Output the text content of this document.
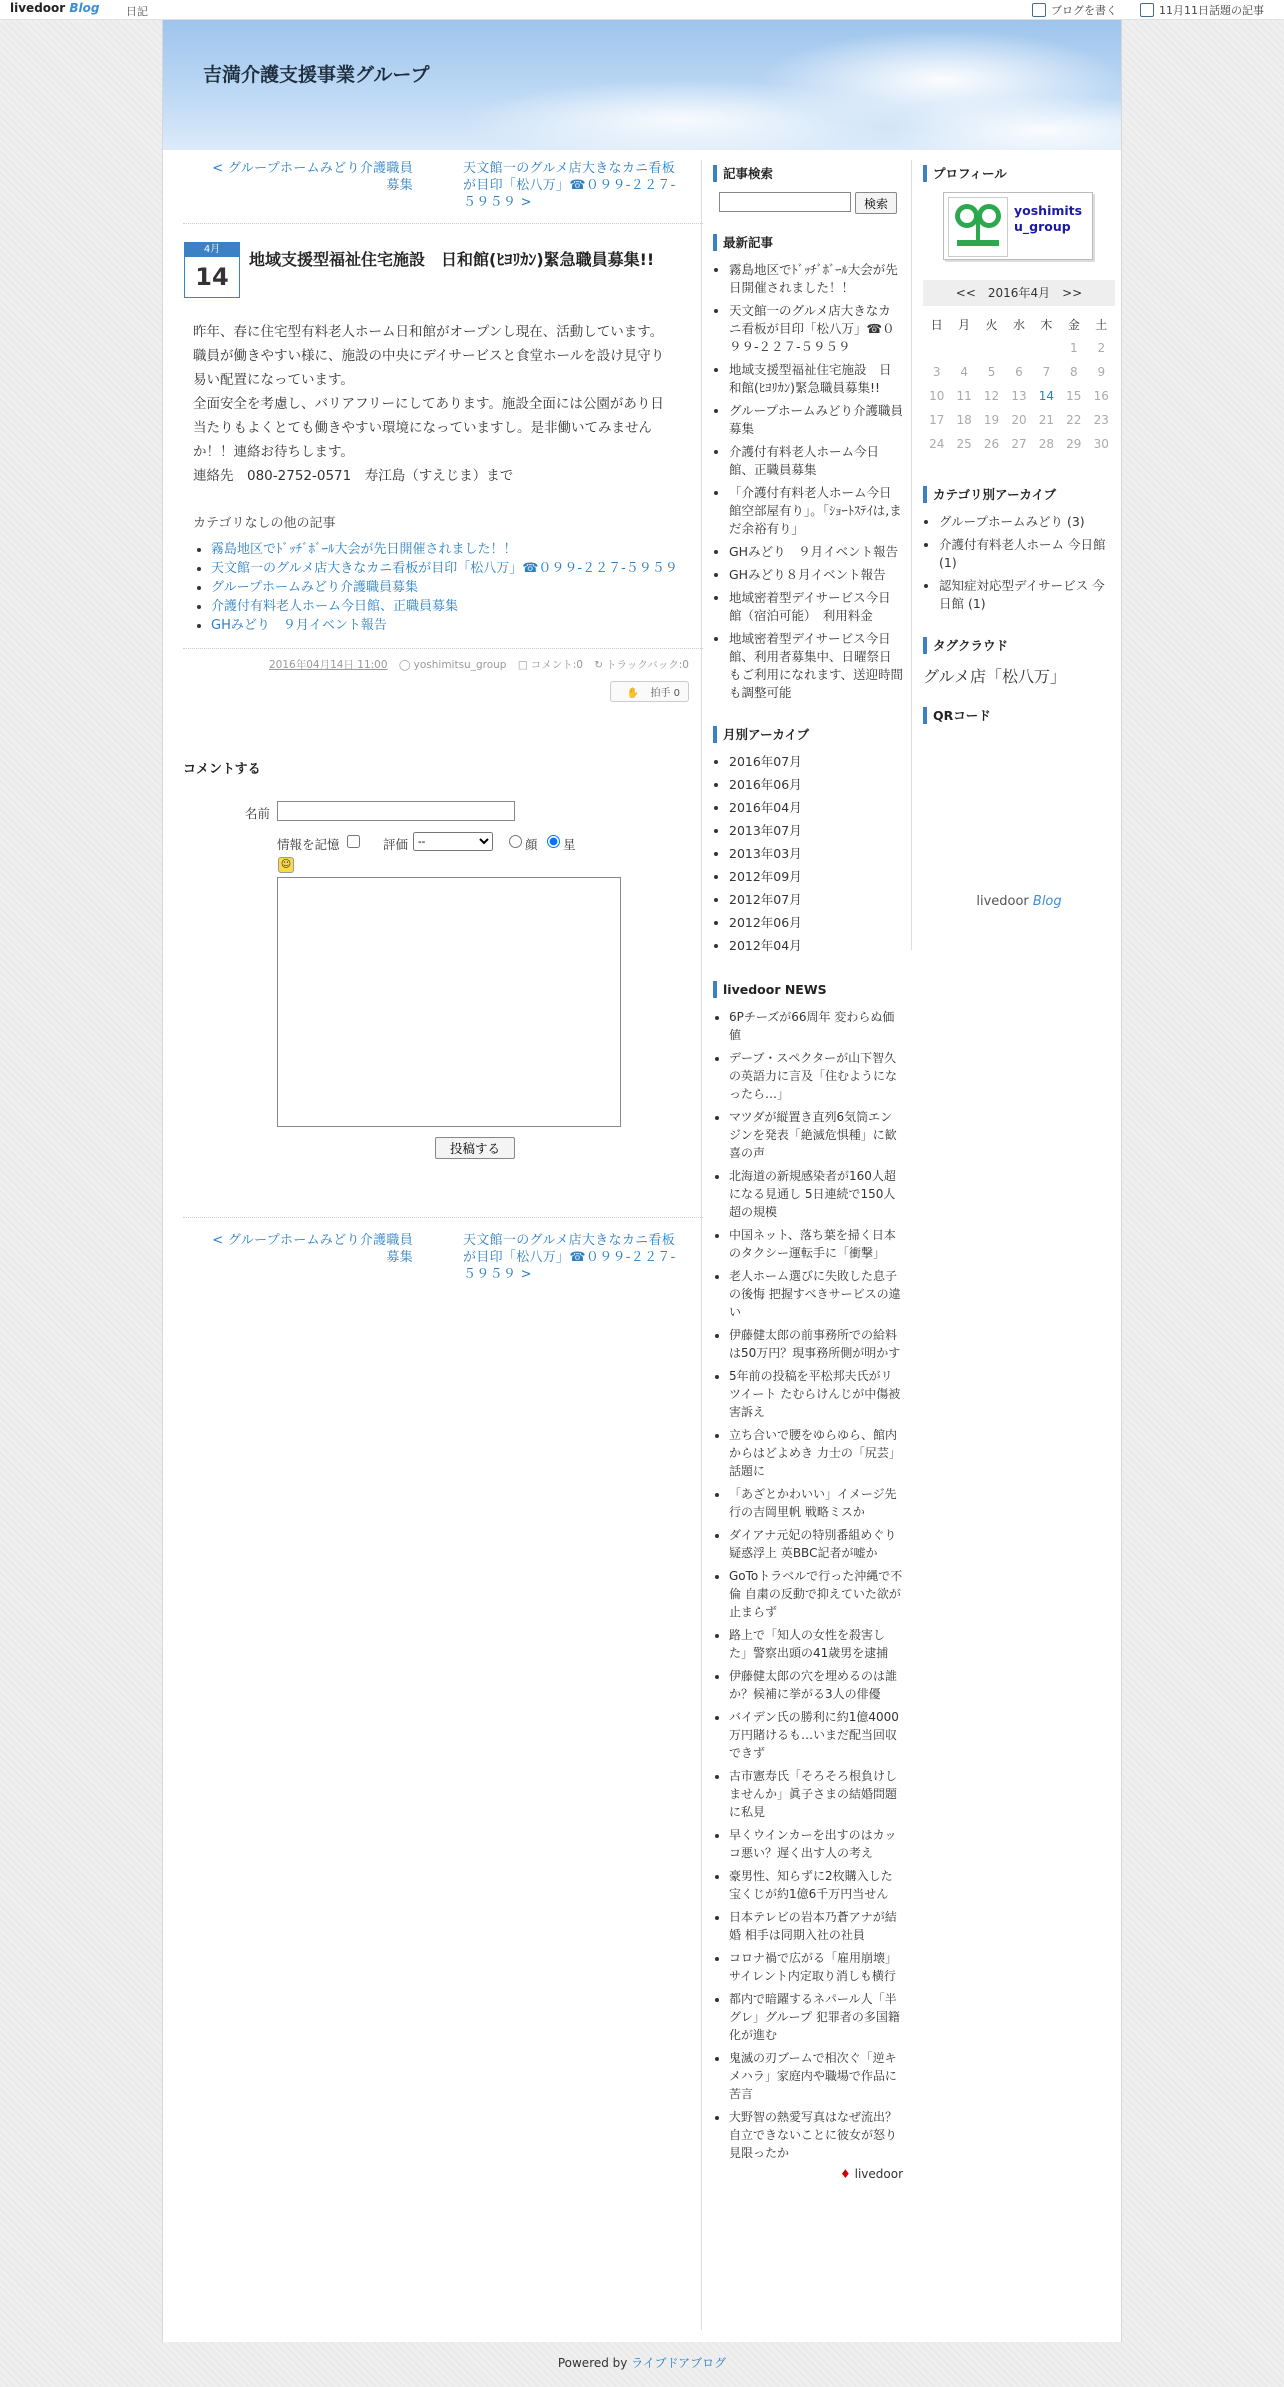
livedoor Blog 日記	ブログを書く	11月11日話題の記事
吉満介護支援事業グループ
< グループホームみどり介護職員募集
天文館一のグルメ店大きなカニ看板が目印「松八万」☎０９９-２２７-５９５９ >
4月
14
地域支援型福祉住宅施設　日和館(ﾋﾖﾘｶﾝ)緊急職員募集!!

昨年、春に住宅型有料老人ホーム日和館がオープンし現在、活動しています。職員が働きやすい様に、施設の中央にデイサービスと食堂ホールを設け見守り易い配置になっています。

全面安全を考慮し、バリアフリーにしてあります。施設全面には公園があり日当たりもよくとても働きやすい環境になっていますし。是非働いてみませんか！！連絡お待ちします。

連絡先　080-2752-0571　寿江島（すえじま）まで

カテゴリなしの他の記事
• 霧島地区でﾄﾞｯﾁﾞﾎﾞｰﾙ大会が先日開催されました！！
• 天文館一のグルメ店大きなカニ看板が目印「松八万」☎０９９-２２７-５９５９
• グループホームみどり介護職員募集
• 介護付有料老人ホーム今日館、正職員募集
• GHみどり　９月イベント報告
2016年04月14日 11:00 ◯ yoshimitsu_group □ コメント:0 ↻ トラックバック:0
✋ 拍手 0
コメントする
名前
情報を記憶	評価
--	顔 星
☺
投稿する
< グループホームみどり介護職員募集
天文館一のグルメ店大きなカニ看板が目印「松八万」☎０９９-２２７-５９５９ >
記事検索
検索
最新記事
• 霧島地区でﾄﾞｯﾁﾞﾎﾞｰﾙ大会が先日開催されました！！
• 天文館一のグルメ店大きなカニ看板が目印「松八万」☎０９９-２２７-５９５９
• 地域支援型福祉住宅施設　日和館(ﾋﾖﾘｶﾝ)緊急職員募集!!
• グループホームみどり介護職員募集
• 介護付有料老人ホーム今日館、正職員募集
• 「介護付有料老人ホーム今日館空部屋有り」。「ｼｮｰﾄｽﾃｲは,まだ余裕有り」
• GHみどり　９月イベント報告
• GHみどり８月イベント報告
• 地域密着型デイサービス今日館（宿泊可能）　利用料金
• 地域密着型デイサービス今日館、利用者募集中、日曜祭日もご利用になれます、送迎時間も調整可能
月別アーカイブ
• 2016年07月
• 2016年06月
• 2016年04月
• 2013年07月
• 2013年03月
• 2012年09月
• 2012年07月
• 2012年06月
• 2012年04月
livedoor NEWS
• 6Pチーズが66周年 変わらぬ価値
• デーブ・スペクターが山下智久の英語力に言及「住むようになったら…」
• マツダが縦置き直列6気筒エンジンを発表「絶滅危惧種」に歓喜の声
• 北海道の新規感染者が160人超になる見通し 5日連続で150人超の規模
• 中国ネット、落ち葉を掃く日本のタクシー運転手に「衝撃」
• 老人ホーム選びに失敗した息子の後悔 把握すべきサービスの違い
• 伊藤健太郎の前事務所での給料は50万円？現事務所側が明かす
• 5年前の投稿を平松邦夫氏がリツイート たむらけんじが中傷被害訴え
• 立ち合いで腰をゆらゆら、館内からはどよめき 力士の「尻芸」話題に
• 「あざとかわいい」イメージ先行の吉岡里帆 戦略ミスか
• ダイアナ元妃の特別番組めぐり疑惑浮上 英BBC記者が嘘か
• GoToトラベルで行った沖縄で不倫 自粛の反動で抑えていた欲が止まらず
• 路上で「知人の女性を殺害した」警察出頭の41歳男を逮捕
• 伊藤健太郎の穴を埋めるのは誰か？候補に挙がる3人の俳優
• バイデン氏の勝利に約1億4000万円賭けるも…いまだ配当回収できず
• 古市憲寿氏「そろそろ根負けしませんか」眞子さまの結婚問題に私見
• 早くウインカーを出すのはカッコ悪い？遅く出す人の考え
• 豪男性、知らずに2枚購入した宝くじが約1億6千万円当せん
• 日本テレビの岩本乃蒼アナが結婚 相手は同期入社の社員
• コロナ禍で広がる「雇用崩壊」 サイレント内定取り消しも横行
• 都内で暗躍するネパール人「半グレ」グループ 犯罪者の多国籍化が進む
• 鬼滅の刃ブームで相次ぐ「逆キメハラ」家庭内や職場で作品に苦言
• 大野智の熱愛写真はなぜ流出？自立できないことに彼女が怒り見限ったか
♦ livedoor
プロフィール
yoshimitsu_group
<<　2016年4月　>>
日	月	火	水	木	金	土
					1	2
3	4	5	6	7	8	9
10	11	12	13	14	15	16
17	18	19	20	21	22	23
24	25	26	27	28	29	30
カテゴリ別アーカイブ
• グループホームみどり (3)
• 介護付有料老人ホーム 今日館 (1)
• 認知症対応型デイサービス 今日館 (1)
タグクラウド
グルメ店「松八万」
QRコード
livedoor Blog
Powered by ライブドアブログ
